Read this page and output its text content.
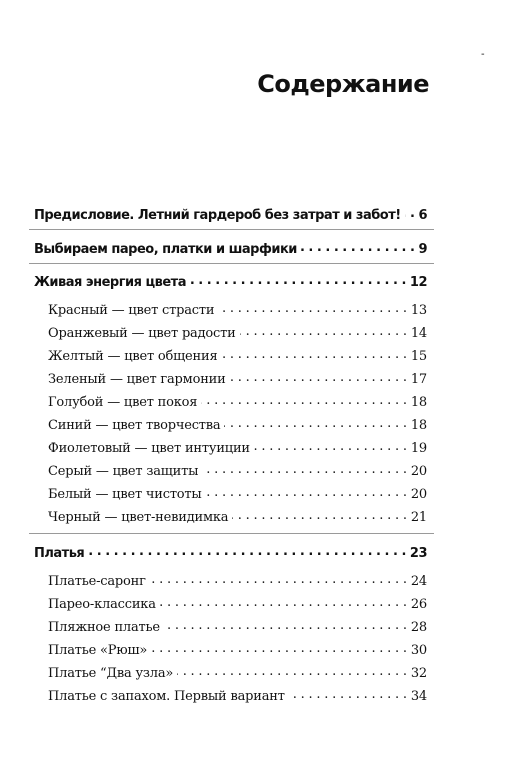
-
Содержание
Предисловие. Летний гардероб без затрат и забот! . . . 6
Выбираем парео, платки и шарфики . . .	9
Живая энергия цвета . . .	12
Красный — цвет страсти . . .	13
Оранжевый — цвет радости . . .	14
Желтый — цвет общения . . .	15
Зеленый — цвет гармонии . . .	17
Голубой — цвет покоя . . .	18
Синий — цвет творчества . . .	18
Фиолетовый — цвет интуиции . . .	19
Серый — цвет защиты . . .	20
Белый — цвет чистоты . . .	20
Черный — цвет-невидимка . . .	21
Платья . . .	23
Платье-саронг . . .	24
Парео-классика . . .	26
Пляжное платье . . .	28
Платье «Рюш» . . .	30
Платье “Два узла» . . .	32
Платье с запахом. Первый вариант . . .	34
